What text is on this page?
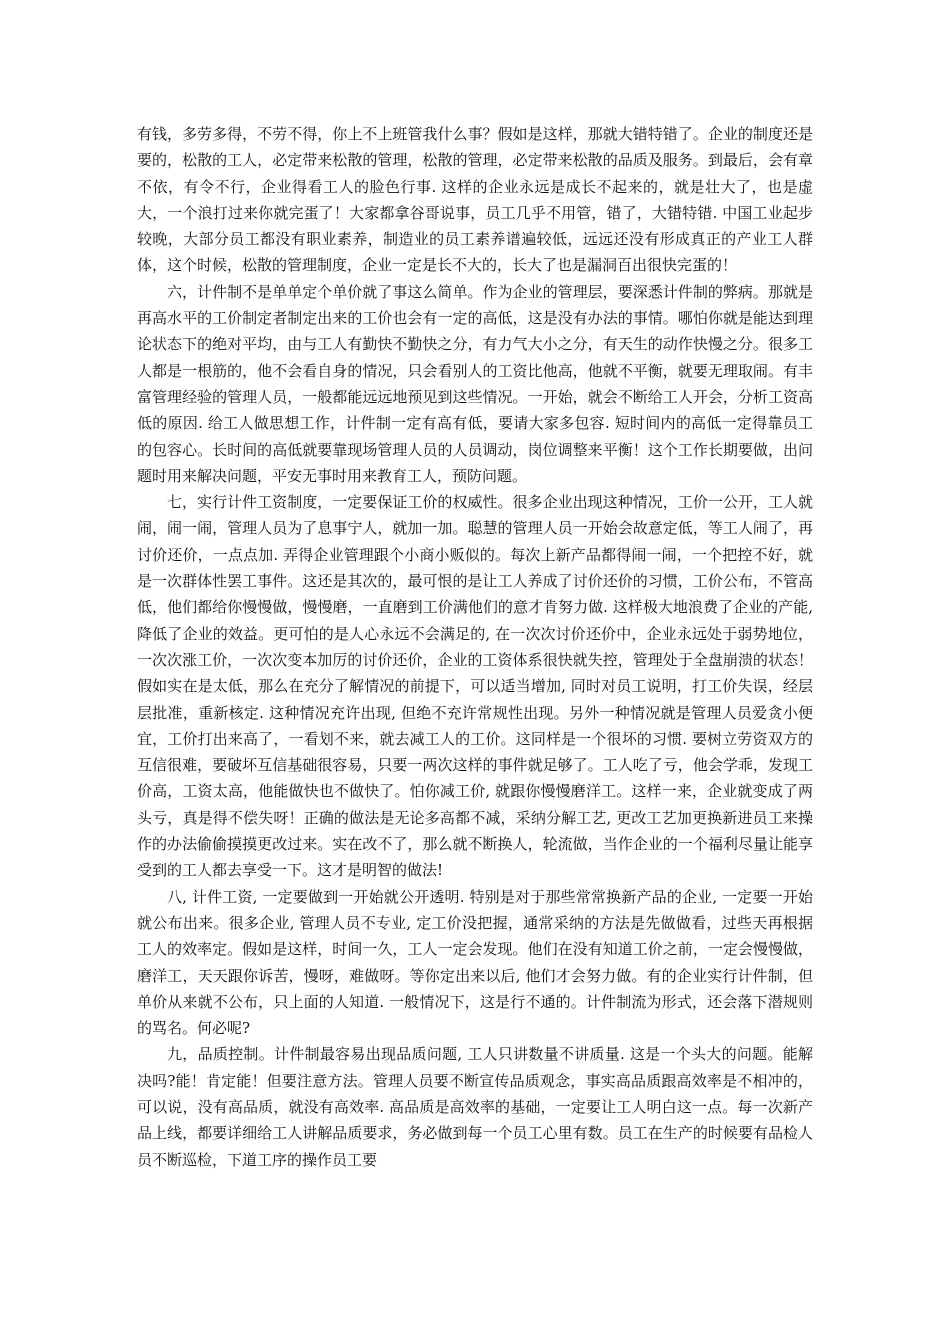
有钱，多劳多得，不劳不得，你上不上班管我什么事？假如是这样，那就大错特错了。企业的制度还是要的，松散的工人，必定带来松散的管理，松散的管理，必定带来松散的品质及服务。到最后，会有章不依，有令不行，企业得看工人的脸色行事. 这样的企业永远是成长不起来的，就是壮大了，也是虚大，一个浪打过来你就完蛋了！大家都拿谷哥说事，员工几乎不用管，错了，大错特错. 中国工业起步较晚，大部分员工都没有职业素养，制造业的员工素养谱遍较低，远远还没有形成真正的产业工人群体，这个时候，松散的管理制度，企业一定是长不大的，长大了也是漏洞百出很快完蛋的！

六，计件制不是单单定个单价就了事这么简单。作为企业的管理层，要深悉计件制的弊病。那就是再高水平的工价制定者制定出来的工价也会有一定的高低，这是没有办法的事情。哪怕你就是能达到理论状态下的绝对平均，由与工人有勤快不勤快之分，有力气大小之分，有天生的动作快慢之分。很多工人都是一根筋的，他不会看自身的情况，只会看别人的工资比他高，他就不平衡，就要无理取闹。有丰富管理经验的管理人员，一般都能远远地预见到这些情况。一开始，就会不断给工人开会，分析工资高低的原因. 给工人做思想工作，计件制一定有高有低，要请大家多包容. 短时间内的高低一定得靠员工的包容心。长时间的高低就要靠现场管理人员的人员调动，岗位调整来平衡！这个工作长期要做，出问题时用来解决问题，平安无事时用来教育工人，预防问题。

七，实行计件工资制度，一定要保证工价的权威性。很多企业出现这种情况，工价一公开，工人就闹，闹一闹，管理人员为了息事宁人，就加一加。聪慧的管理人员一开始会故意定低，等工人闹了，再讨价还价，一点点加. 弄得企业管理跟个小商小贩似的。每次上新产品都得闹一闹，一个把控不好，就是一次群体性罢工事件。这还是其次的，最可恨的是让工人养成了讨价还价的习惯，工价公布，不管高低，他们都给你慢慢做，慢慢磨，一直磨到工价满他们的意才肯努力做. 这样极大地浪费了企业的产能, 降低了企业的效益。更可怕的是人心永远不会满足的, 在一次次讨价还价中，企业永远处于弱势地位，一次次涨工价，一次次变本加厉的讨价还价，企业的工资体系很快就失控，管理处于全盘崩溃的状态！假如实在是太低，那么在充分了解情况的前提下，可以适当增加, 同时对员工说明，打工价失误，经层层批准，重新核定. 这种情况充许出现, 但绝不充许常规性出现。另外一种情况就是管理人员爱贪小便宜，工价打出来高了，一看划不来，就去减工人的工价。这同样是一个很坏的习惯. 要树立劳资双方的互信很难，要破坏互信基础很容易，只要一两次这样的事件就足够了。工人吃了亏，他会学乖，发现工价高，工资太高，他能做快也不做快了。怕你减工价, 就跟你慢慢磨洋工。这样一来，企业就变成了两头亏，真是得不偿失呀！正确的做法是无论多高都不减，采纳分解工艺, 更改工艺加更换新进员工来操作的办法偷偷摸摸更改过来。实在改不了，那么就不断换人，轮流做，当作企业的一个福利尽量让能享受到的工人都去享受一下。这才是明智的做法!

八, 计件工资, 一定要做到一开始就公开透明. 特别是对于那些常常换新产品的企业, 一定要一开始就公布出来。很多企业, 管理人员不专业, 定工价没把握，通常采纳的方法是先做做看，过些天再根据工人的效率定。假如是这样，时间一久，工人一定会发现。他们在没有知道工价之前，一定会慢慢做，磨洋工，天天跟你诉苦，慢呀，难做呀。等你定出来以后, 他们才会努力做。有的企业实行计件制，但单价从来就不公布，只上面的人知道. 一般情况下，这是行不通的。计件制流为形式，还会落下潜规则的骂名。何必呢?

九，品质控制。计件制最容易出现品质问题, 工人只讲数量不讲质量. 这是一个头大的问题。能解决吗?能！肯定能！但要注意方法。管理人员要不断宣传品质观念，事实高品质跟高效率是不相冲的，可以说，没有高品质，就没有高效率. 高品质是高效率的基础，一定要让工人明白这一点。每一次新产品上线，都要详细给工人讲解品质要求，务必做到每一个员工心里有数。员工在生产的时候要有品检人员不断巡检，下道工序的操作员工要
